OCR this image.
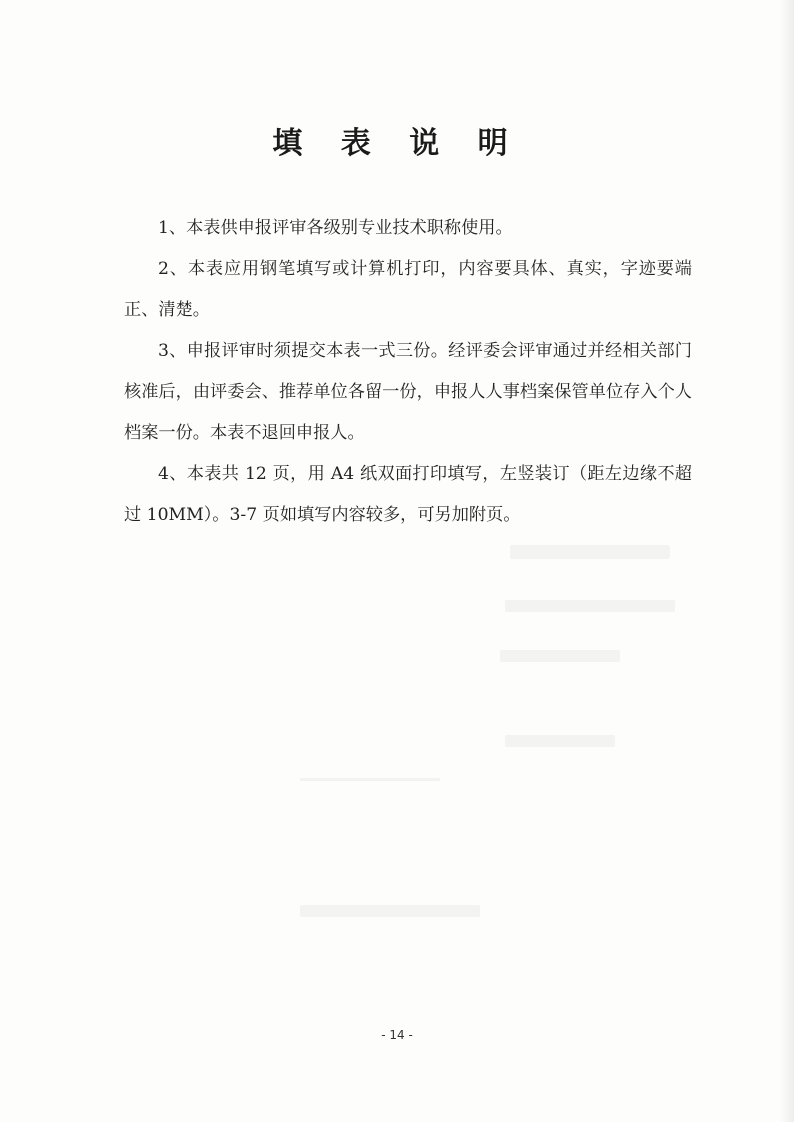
填 表 说 明

1、本表供申报评审各级别专业技术职称使用。

2、本表应用钢笔填写或计算机打印，内容要具体、真实，字迹要端正、清楚。

3、申报评审时须提交本表一式三份。经评委会评审通过并经相关部门核准后，由评委会、推荐单位各留一份，申报人人事档案保管单位存入个人档案一份。本表不退回申报人。

4、本表共 12 页，用 A4 纸双面打印填写，左竖装订（距左边缘不超过 10MM）。3-7 页如填写内容较多，可另加附页。

- 14 -
